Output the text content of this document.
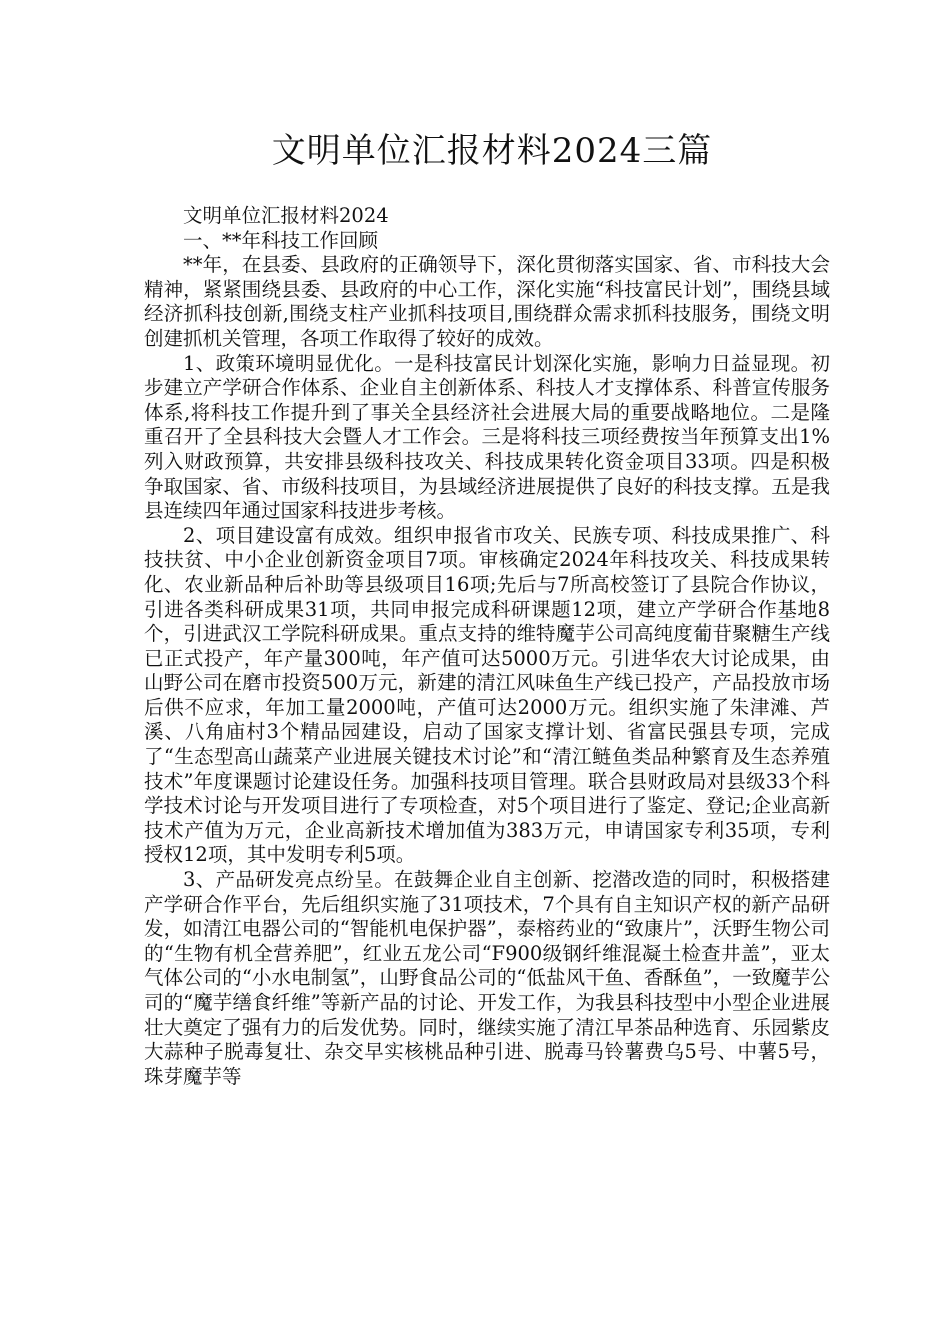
文明单位汇报材料2024三篇

文明单位汇报材料2024

一、**年科技工作回顾

**年，在县委、县政府的正确领导下，深化贯彻落实国家、省、市科技大会精神，紧紧围绕县委、县政府的中心工作，深化实施“科技富民计划”，围绕县域经济抓科技创新,围绕支柱产业抓科技项目,围绕群众需求抓科技服务，围绕文明创建抓机关管理，各项工作取得了较好的成效。

1、政策环境明显优化。一是科技富民计划深化实施，影响力日益显现。初步建立产学研合作体系、企业自主创新体系、科技人才支撑体系、科普宣传服务体系,将科技工作提升到了事关全县经济社会进展大局的重要战略地位。二是隆重召开了全县科技大会暨人才工作会。三是将科技三项经费按当年预算支出1%列入财政预算，共安排县级科技攻关、科技成果转化资金项目33项。四是积极争取国家、省、市级科技项目，为县域经济进展提供了良好的科技支撑。五是我县连续四年通过国家科技进步考核。

2、项目建设富有成效。组织申报省市攻关、民族专项、科技成果推广、科技扶贫、中小企业创新资金项目7项。审核确定2024年科技攻关、科技成果转化、农业新品种后补助等县级项目16项;先后与7所高校签订了县院合作协议，引进各类科研成果31项，共同申报完成科研课题12项，建立产学研合作基地8个，引进武汉工学院科研成果。重点支持的维特魔芋公司高纯度葡苷聚糖生产线已正式投产，年产量300吨，年产值可达5000万元。引进华农大讨论成果，由山野公司在磨市投资500万元，新建的清江风味鱼生产线已投产，产品投放市场后供不应求，年加工量2000吨，产值可达2000万元。组织实施了朱津滩、芦溪、八角庙村3个精品园建设，启动了国家支撑计划、省富民强县专项，完成了“生态型高山蔬菜产业进展关键技术讨论”和“清江鲢鱼类品种繁育及生态养殖技术”年度课题讨论建设任务。加强科技项目管理。联合县财政局对县级33个科学技术讨论与开发项目进行了专项检查，对5个项目进行了鉴定、登记;企业高新技术产值为万元，企业高新技术增加值为383万元，申请国家专利35项，专利授权12项，其中发明专利5项。

3、产品研发亮点纷呈。在鼓舞企业自主创新、挖潜改造的同时，积极搭建产学研合作平台，先后组织实施了31项技术，7个具有自主知识产权的新产品研发，如清江电器公司的“智能机电保护器”，泰榕药业的“致康片”，沃野生物公司的“生物有机全营养肥”，红业五龙公司“F900级钢纤维混凝土检查井盖”，亚太气体公司的“小水电制氢”，山野食品公司的“低盐风干鱼、香酥鱼”，一致魔芋公司的“魔芋缮食纤维”等新产品的讨论、开发工作，为我县科技型中小型企业进展壮大奠定了强有力的后发优势。同时，继续实施了清江早茶品种选育、乐园紫皮大蒜种子脱毒复壮、杂交早实核桃品种引进、脱毒马铃薯费乌5号、中薯5号，珠芽魔芋等
